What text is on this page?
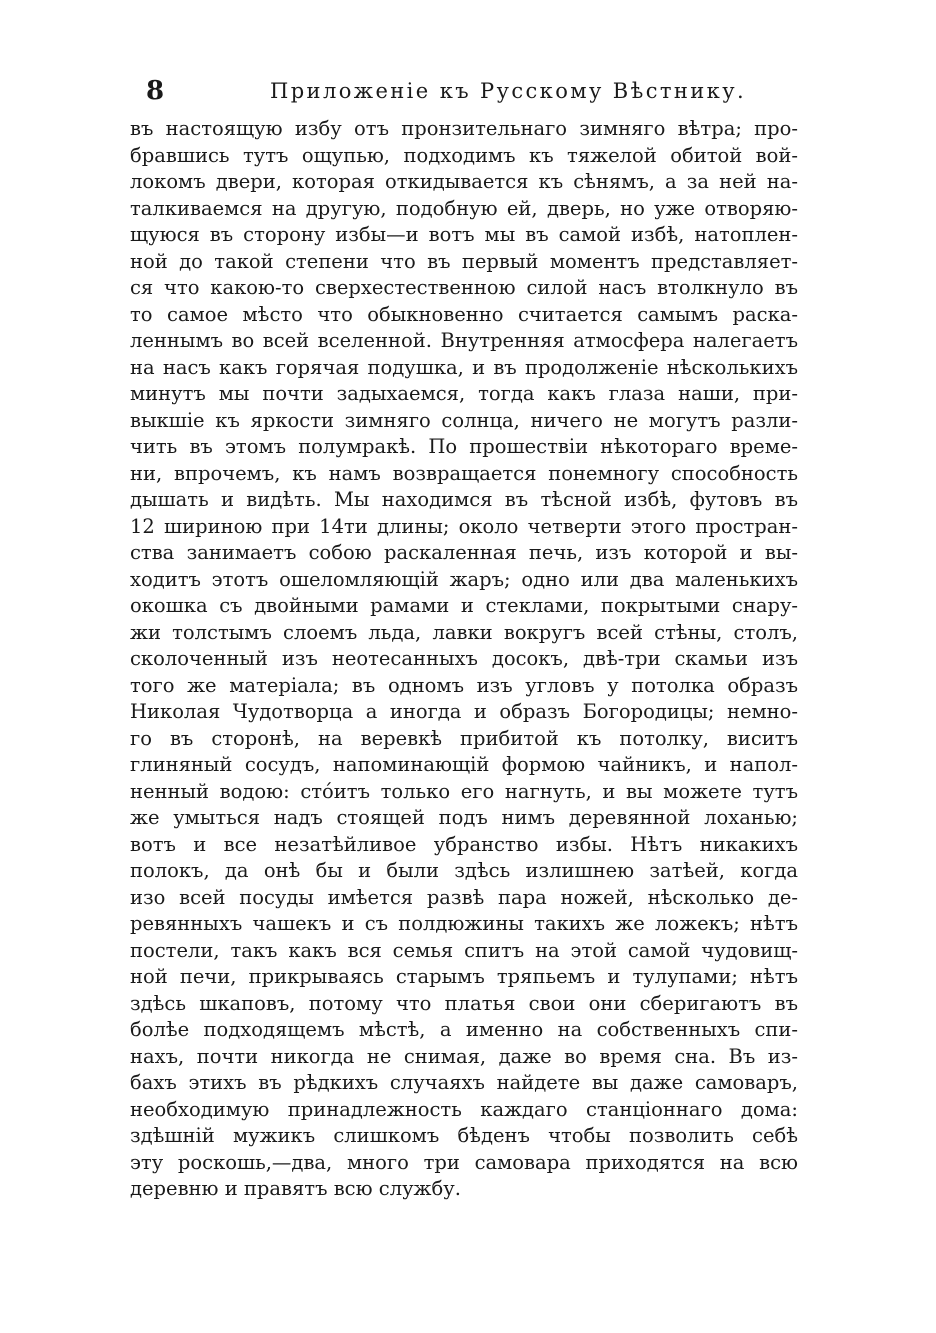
8	Приложеніе къ Русскому Вѣстнику.
въ настоящую избу отъ пронзительнаго зимняго вѣтра; про-
бравшись тутъ ощупью, подходимъ къ тяжелой обитой вой-
локомъ двери, которая откидывается къ сѣнямъ, а за ней на-
талкиваемся на другую, подобную ей, дверь, но уже отворяю-
щуюся въ сторону избы—и вотъ мы въ самой избѣ, натоплен-
ной до такой степени что въ первый моментъ представляет-
ся что какою-то сверхестественною силой насъ втолкнуло въ
то самое мѣсто что обыкновенно считается самымъ раска-
леннымъ во всей вселенной. Внутренняя атмосфера налегаетъ
на насъ какъ горячая подушка, и въ продолженіе нѣсколькихъ
минутъ мы почти задыхаемся, тогда какъ глаза наши, при-
выкшіе къ яркости зимняго солнца, ничего не могутъ разли-
чить въ этомъ полумракѣ. По прошествіи нѣкотораго време-
ни, впрочемъ, къ намъ возвращается понемногу способность
дышать и видѣть. Мы находимся въ тѣсной избѣ, футовъ въ
12 шириною при 14ти длины; около четверти этого простран-
ства занимаетъ собою раскаленная печь, изъ которой и вы-
ходитъ этотъ ошеломляющій жаръ; одно или два маленькихъ
окошка съ двойными рамами и стеклами, покрытыми снару-
жи толстымъ слоемъ льда, лавки вокругъ всей стѣны, столъ,
сколоченный изъ неотесанныхъ досокъ, двѣ-три скамьи изъ
того же матеріала; въ одномъ изъ угловъ у потолка образъ
Николая Чудотворца а иногда и образъ Богородицы; немно-
го въ сторонѣ, на веревкѣ прибитой къ потолку, виситъ
глиняный сосудъ, напоминающій формою чайникъ, и напол-
ненный водою: стóитъ только его нагнуть, и вы можете тутъ
же умыться надъ стоящей подъ нимъ деревянной лоханью;
вотъ и все незатѣйливое убранство избы. Нѣтъ никакихъ
полокъ, да онѣ бы и были здѣсь излишнею затѣей, когда
изо всей посуды имѣется развѣ пара ножей, нѣсколько де-
ревянныхъ чашекъ и съ полдюжины такихъ же ложекъ; нѣтъ
постели, такъ какъ вся семья спитъ на этой самой чудовищ-
ной печи, прикрываясь старымъ тряпьемъ и тулупами; нѣтъ
здѣсь шкаповъ, потому что платья свои они сберигаютъ въ
болѣе подходящемъ мѣстѣ, а именно на собственныхъ спи-
нахъ, почти никогда не снимая, даже во время сна. Въ из-
бахъ этихъ въ рѣдкихъ случаяхъ найдете вы даже самоваръ,
необходимую принадлежность каждаго станціоннаго дома:
здѣшній мужикъ слишкомъ бѣденъ чтобы позволить себѣ
эту роскошь,—два, много три самовара приходятся на всю
деревню и правятъ всю службу.
